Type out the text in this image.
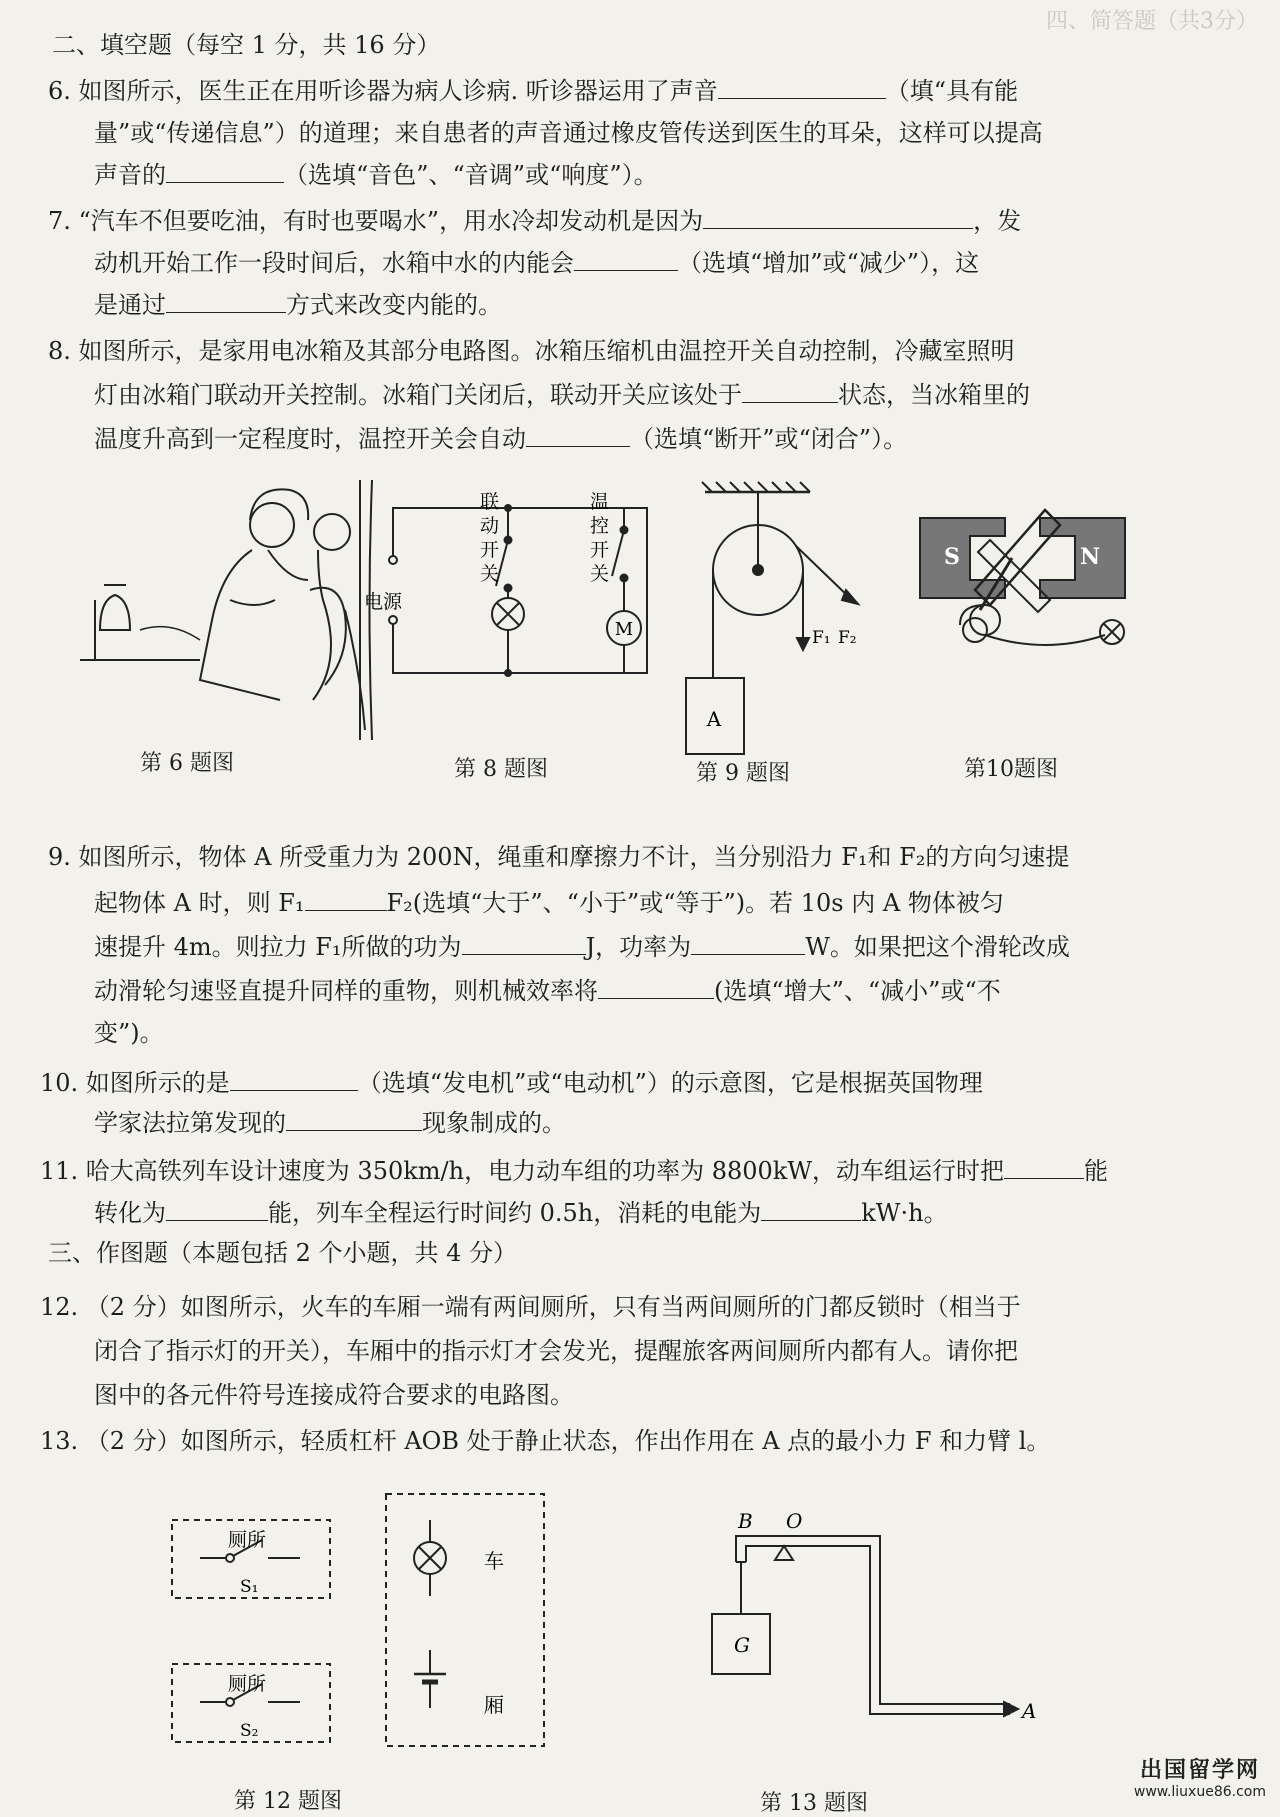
四、简答题（共3分）
二、填空题（每空 1 分，共 16 分）
6. 如图所示，医生正在用听诊器为病人诊病. 听诊器运用了声音	（填“具有能
量”或“传递信息”）的道理；来自患者的声音通过橡皮管传送到医生的耳朵，这样可以提高
声音的	（选填“音色”、“音调”或“响度”）。
7. “汽车不但要吃油，有时也要喝水”，用水冷却发动机是因为	，发
动机开始工作一段时间后，水箱中水的内能会	（选填“增加”或“减少”），这
是通过	方式来改变内能的。
8. 如图所示，是家用电冰箱及其部分电路图。冰箱压缩机由温控开关自动控制，冷藏室照明
灯由冰箱门联动开关控制。冰箱门关闭后，联动开关应该处于	状态，当冰箱里的
温度升高到一定程度时，温控开关会自动	（选填“断开”或“闭合”）。
电源
M
联
动
开
关
温
控
开
关
A
F₁ F₂
S	N
第 6 题图	第 8 题图	第 9 题图	第10题图
9. 如图所示，物体 A 所受重力为 200N，绳重和摩擦力不计，当分别沿力 F₁和 F₂的方向匀速提
起物体 A 时，则 F₁	F₂(选填“大于”、“小于”或“等于”)。若 10s 内 A 物体被匀
速提升 4m。则拉力 F₁所做的功为	J，功率为	W。如果把这个滑轮改成
动滑轮匀速竖直提升同样的重物，则机械效率将	(选填“增大”、“减小”或“不
变”)。
10. 如图所示的是	（选填“发电机”或“电动机”）的示意图，它是根据英国物理
学家法拉第发现的	现象制成的。
11. 哈大高铁列车设计速度为 350km/h，电力动车组的功率为 8800kW，动车组运行时把	能
转化为	能，列车全程运行时间约 0.5h，消耗的电能为	kW·h。
三、作图题（本题包括 2 个小题，共 4 分）
12. （2 分）如图所示，火车的车厢一端有两间厕所，只有当两间厕所的门都反锁时（相当于
闭合了指示灯的开关），车厢中的指示灯才会发光，提醒旅客两间厕所内都有人。请你把
图中的各元件符号连接成符合要求的电路图。
13. （2 分）如图所示，轻质杠杆 AOB 处于静止状态，作出作用在 A 点的最小力 F 和力臂 l。
厕所
S₁
厕所
S₂
车
厢
B O
A
G
第 12 题图	第 13 题图
出国留学网
www.liuxue86.com
